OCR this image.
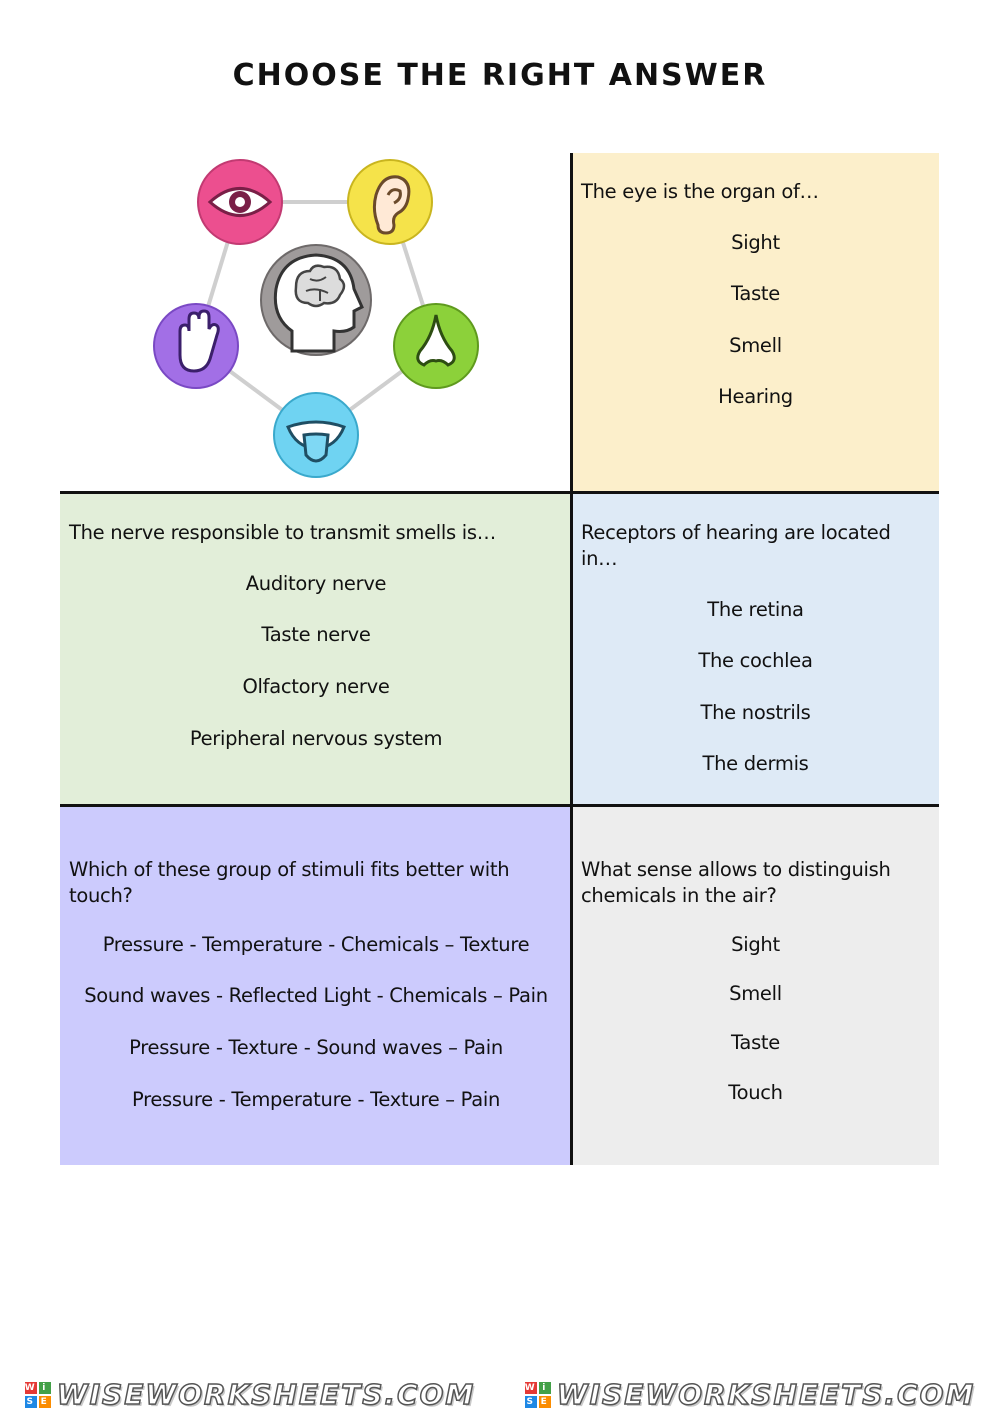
CHOOSE THE RIGHT ANSWER
The eye is the organ of…
Sight
Taste
Smell
Hearing
The nerve responsible to transmit smells is…
Auditory nerve
Taste nerve
Olfactory nerve
Peripheral nervous system
Receptors of hearing are located in…
The retina
The cochlea
The nostrils
The dermis
Which of these group of stimuli fits better with touch?
Pressure - Temperature - Chemicals – Texture
Sound waves - Reflected Light - Chemicals – Pain
Pressure - Texture - Sound waves – Pain
Pressure - Temperature - Texture – Pain
What sense allows to distinguish chemicals in the air?
Sight
Smell
Taste
Touch
W i
S E WISEWORKSHEETS.COM	W i
S E WISEWORKSHEETS.COM
